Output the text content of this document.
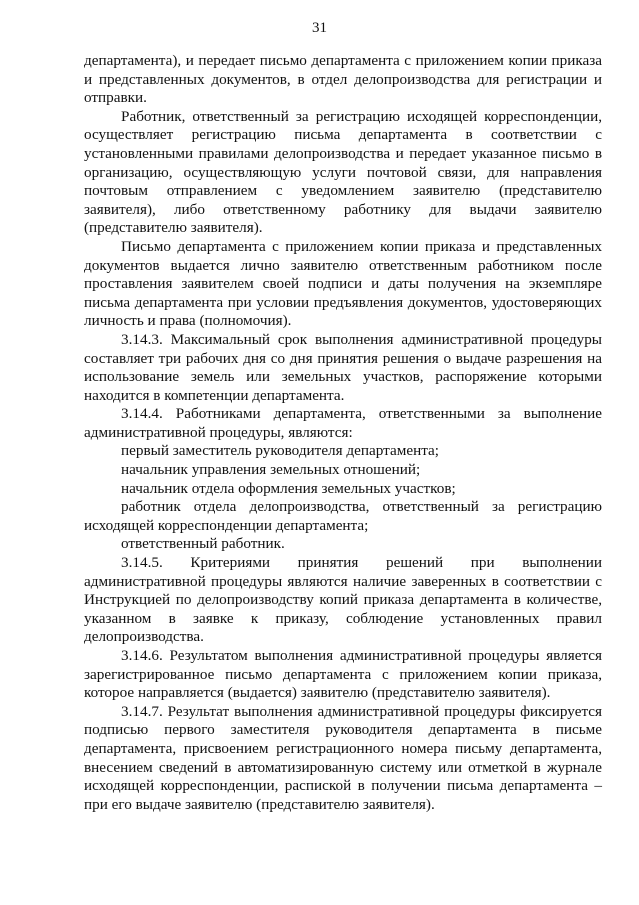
31

департамента), и передает письмо департамента с приложением копии приказа и представленных документов, в отдел делопроизводства для регистрации и отправки.

Работник, ответственный за регистрацию исходящей корреспонденции, осуществляет регистрацию письма департамента в соответствии с установленными правилами делопроизводства и передает указанное письмо в организацию, осуществляющую услуги почтовой связи, для направления почтовым отправлением с уведомлением заявителю (представителю заявителя), либо ответственному работнику для выдачи заявителю (представителю заявителя).

Письмо департамента с приложением копии приказа и представленных документов выдается лично заявителю ответственным работником после проставления заявителем своей подписи и даты получения на экземпляре письма департамента при условии предъявления документов, удостоверяющих личность и права (полномочия).

3.14.3. Максимальный срок выполнения административной процедуры составляет три рабочих дня со дня принятия решения о выдаче разрешения на использование земель или земельных участков, распоряжение которыми находится в компетенции департамента.

3.14.4. Работниками департамента, ответственными за выполнение административной процедуры, являются:

первый заместитель руководителя департамента;

начальник управления земельных отношений;

начальник отдела оформления земельных участков;

работник отдела делопроизводства, ответственный за регистрацию исходящей корреспонденции департамента;

ответственный работник.

3.14.5. Критериями принятия решений при выполнении административной процедуры являются наличие заверенных в соответствии с Инструкцией по делопроизводству копий приказа департамента в количестве, указанном в заявке к приказу, соблюдение установленных правил делопроизводства.

3.14.6. Результатом выполнения административной процедуры является зарегистрированное письмо департамента с приложением копии приказа, которое направляется (выдается) заявителю (представителю заявителя).

3.14.7. Результат выполнения административной процедуры фиксируется подписью первого заместителя руководителя департамента в письме департамента, присвоением регистрационного номера письму департамента, внесением сведений в автоматизированную систему или отметкой в журнале исходящей корреспонденции, распиской в получении письма департамента – при его выдаче заявителю (представителю заявителя).
